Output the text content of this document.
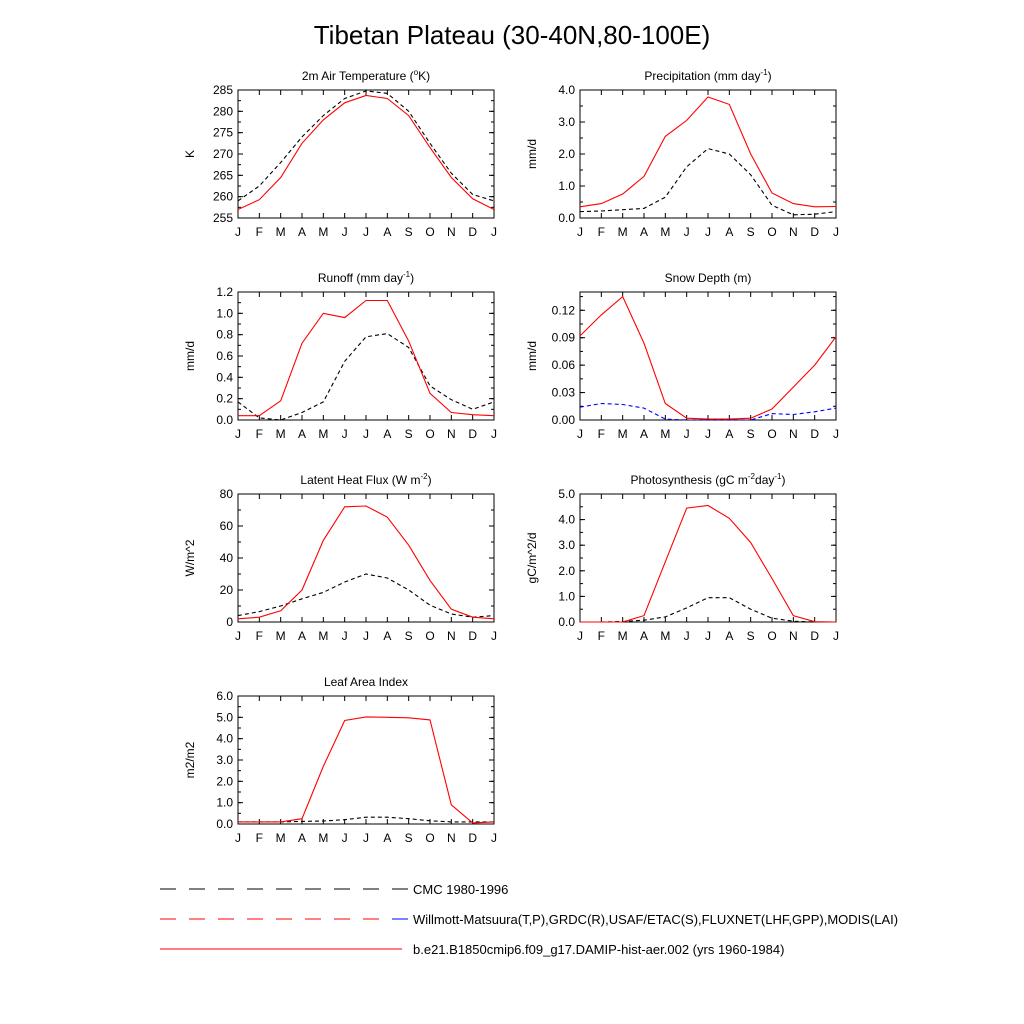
Tibetan Plateau (30-40N,80-100E)
2m Air Temperature ($^o$K)
J F M A M J J A S O N D J
255
260
265
270
275
280
285
K
Precipitation (mm day$^{-1}$)
J F M A M J J A S O N D J
0.0
1.0
2.0
3.0
4.0
mm/d
Runoff (mm day$^{-1}$)
J F M A M J J A S O N D J
0.0
0.2
0.4
0.6
0.8
1.0
1.2
mm/d
Snow Depth (m)
J F M A M J J A S O N D J
0.00
0.03
0.06
0.09
0.12
mm/d
Latent Heat Flux (W $m^{-2}$)
J F M A M J J A S O N D J
0
20
40
60
80
W/m^2
Photosynthesis (gC $m^{-2}day^{-1}$)
J F M A M J J A S O N D J
0.0
1.0
2.0
3.0
4.0
5.0
gC/m^2/d
Leaf Area Index
J F M A M J J A S O N D J
0.0
1.0
2.0
3.0
4.0
5.0
6.0
m2/m2
CMC 1980-1996
Willmott-Matsuura(T,P),GRDC(R),USAF/ETAC(S),FLUXNET(LHF,GPP),MODIS(LAI)
b.e21.B1850cmip6.f09_g17.DAMIP-hist-aer.002 (yrs 1960-1984)
